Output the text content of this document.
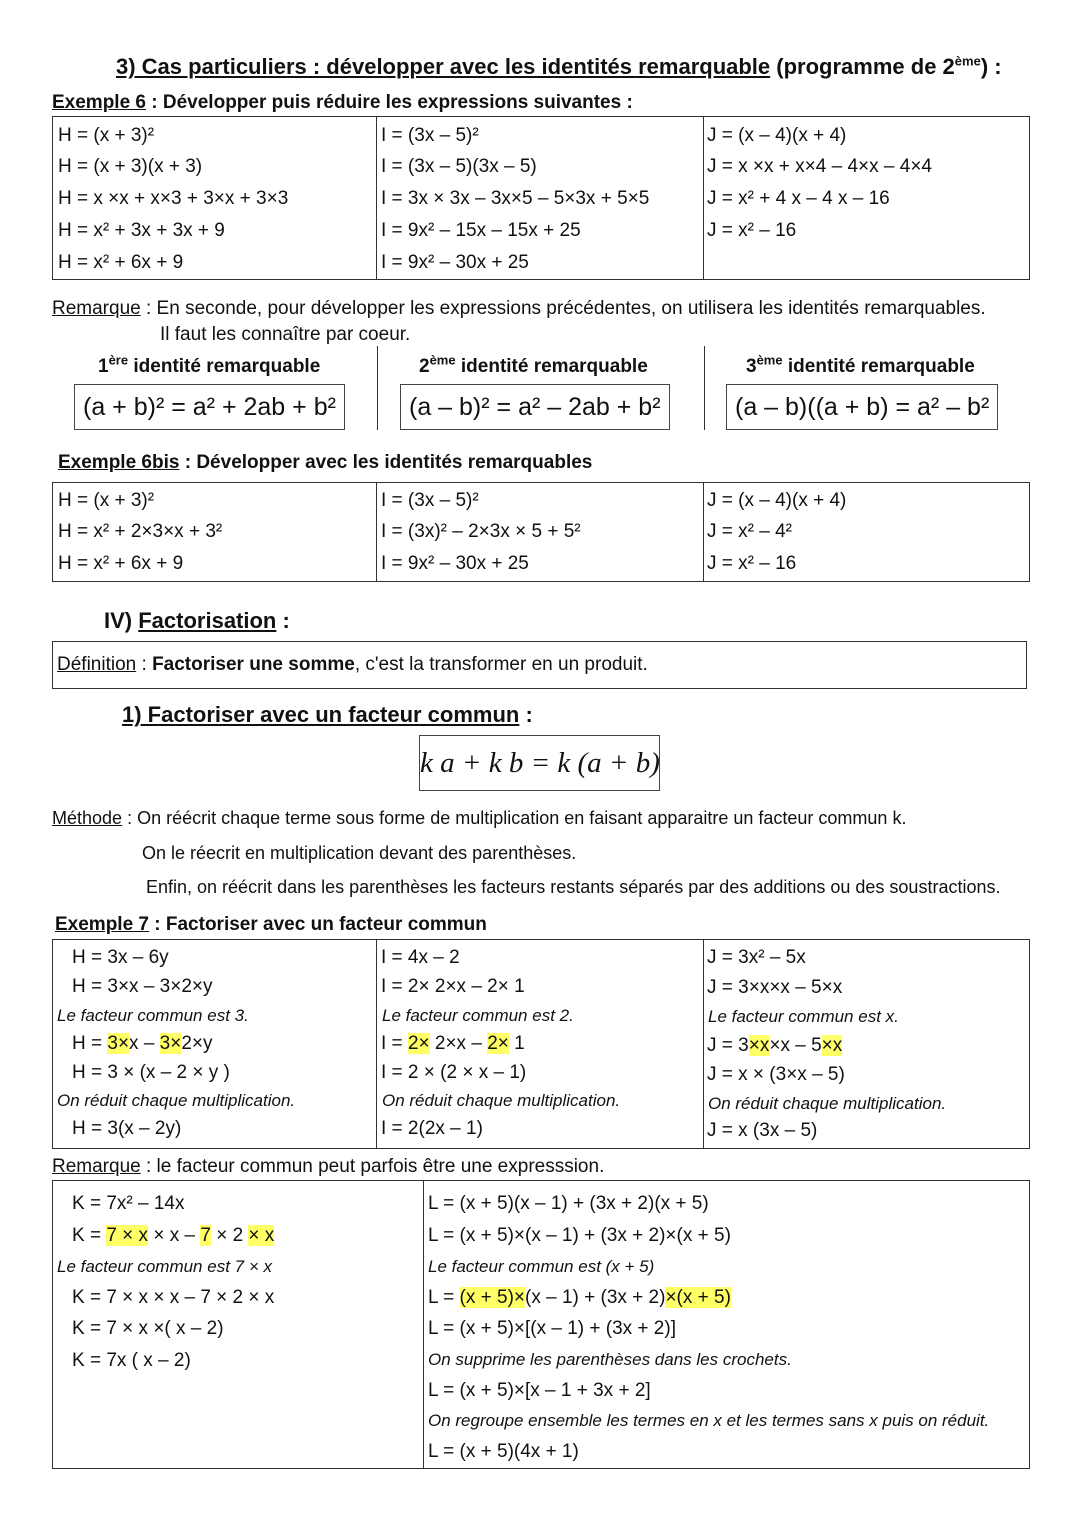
3) Cas particuliers : développer avec les identités remarquable (programme de 2ème) :
Exemple 6 : Développer puis réduire les expressions suivantes :
H = (x + 3)²
H = (x + 3)(x + 3)
H = x ×x + x×3 + 3×x + 3×3
H = x² + 3x + 3x + 9
H = x² + 6x + 9
I = (3x – 5)²
I = (3x – 5)(3x – 5)
I = 3x × 3x – 3x×5 – 5×3x + 5×5
I = 9x² – 15x – 15x + 25
I = 9x² – 30x + 25
J = (x – 4)(x + 4)
J = x ×x + x×4 – 4×x – 4×4
J = x² + 4 x – 4 x – 16
J = x² – 16
Remarque : En seconde, pour développer les expressions précédentes, on utilisera les identités remarquables.
Il faut les connaître par coeur.
1ère identité remarquable
(a + b)² = a² + 2ab + b²
2ème identité remarquable
(a – b)² = a² – 2ab + b²
3ème identité remarquable
(a – b)((a + b) = a² – b²
Exemple 6bis : Développer avec les identités remarquables
H = (x + 3)²
H = x² + 2×3×x + 3²
H = x² + 6x + 9
I = (3x – 5)²
I = (3x)² – 2×3x × 5 + 5²
I = 9x² – 30x + 25
J = (x – 4)(x + 4)
J = x² – 4²
J = x² – 16
IV) Factorisation :
Définition : Factoriser une somme, c'est la transformer en un produit.
1) Factoriser avec un facteur commun :
k a + k b = k (a + b)
Méthode : On réécrit chaque terme sous forme de multiplication en faisant apparaitre un facteur commun k.
On le réecrit en multiplication devant des parenthèses.
Enfin, on réécrit dans les parenthèses les facteurs restants séparés par des additions ou des soustractions.
Exemple 7 : Factoriser avec un facteur commun
H = 3x – 6y
H = 3×x – 3×2×y
Le facteur commun est 3.
H = 3×x – 3×2×y
H = 3 × (x – 2 × y )
On réduit chaque multiplication.
H = 3(x – 2y)
I = 4x – 2
I = 2× 2×x – 2× 1
Le facteur commun est 2.
I = 2× 2×x – 2× 1
I = 2 × (2 × x – 1)
On réduit chaque multiplication.
I = 2(2x – 1)
J = 3x² – 5x
J = 3×x×x – 5×x
Le facteur commun est x.
J = 3×x×x – 5×x
J = x × (3×x – 5)
On réduit chaque multiplication.
J = x (3x – 5)
Remarque : le facteur commun peut parfois être une expresssion.
K = 7x² – 14x
K = 7 × x × x – 7 × 2 × x
Le facteur commun est 7 × x
K = 7 × x × x – 7 × 2 × x
K = 7 × x ×( x – 2)
K = 7x ( x – 2)
L = (x + 5)(x – 1) + (3x + 2)(x + 5)
L = (x + 5)×(x – 1) + (3x + 2)×(x + 5)
Le facteur commun est (x + 5)
L = (x + 5)×(x – 1) + (3x + 2)×(x + 5)
L = (x + 5)×[(x – 1) + (3x + 2)]
On supprime les parenthèses dans les crochets.
L = (x + 5)×[x – 1 + 3x + 2]
On regroupe ensemble les termes en x et les termes sans x puis on réduit.
L = (x + 5)(4x + 1)
